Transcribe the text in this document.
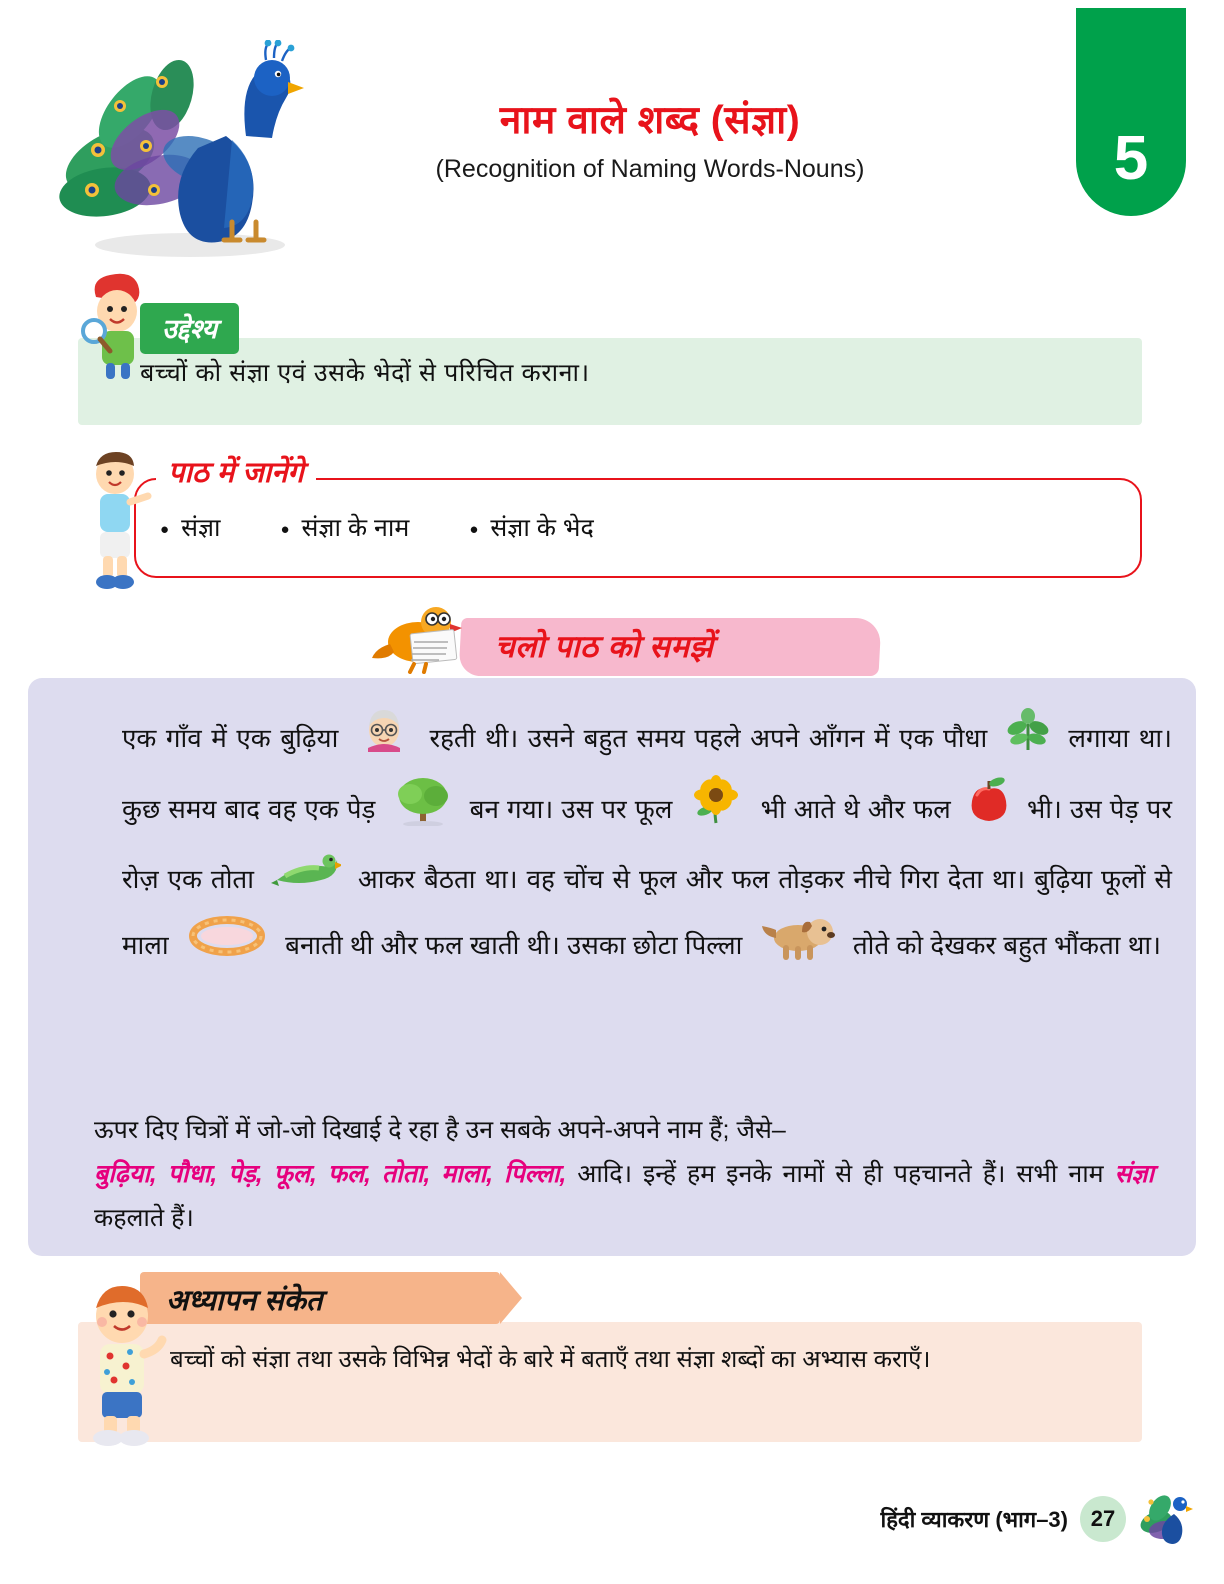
5
नाम वाले शब्द (संज्ञा)
(Recognition of Naming Words-Nouns)
उद्देश्य
बच्चों को संज्ञा एवं उसके भेदों से परिचित कराना।
पाठ में जानेंगे
● संज्ञा	● संज्ञा के नाम	● संज्ञा के भेद
चलो पाठ को समझें
एक गाँव में एक बुढ़िया	रहती थी। उसने बहुत समय पहले अपने आँगन में एक पौधा	लगाया था। कुछ समय बाद वह एक पेड़	बन गया। उस पर फूल	भी आते थे और फल	भी। उस पेड़ पर रोज़ एक तोता	आकर बैठता था। वह चोंच से फूल और फल तोड़कर नीचे गिरा देता था। बुढ़िया फूलों से माला	बनाती थी और फल खाती थी। उसका छोटा पिल्ला	तोते को देखकर बहुत भौंकता था।
ऊपर दिए चित्रों में जो‑जो दिखाई दे रहा है उन सबके अपने‑अपने नाम हैं; जैसे–
बुढ़िया, पौधा, पेड़, फूल, फल, तोता, माला, पिल्ला, आदि। इन्हें हम इनके नामों से ही पहचानते हैं। सभी नाम संज्ञा कहलाते हैं।
अध्यापन संकेत
बच्चों को संज्ञा तथा उसके विभिन्न भेदों के बारे में बताएँ तथा संज्ञा शब्दों का अभ्यास कराएँ।
हिंदी व्याकरण (भाग–3)	27
